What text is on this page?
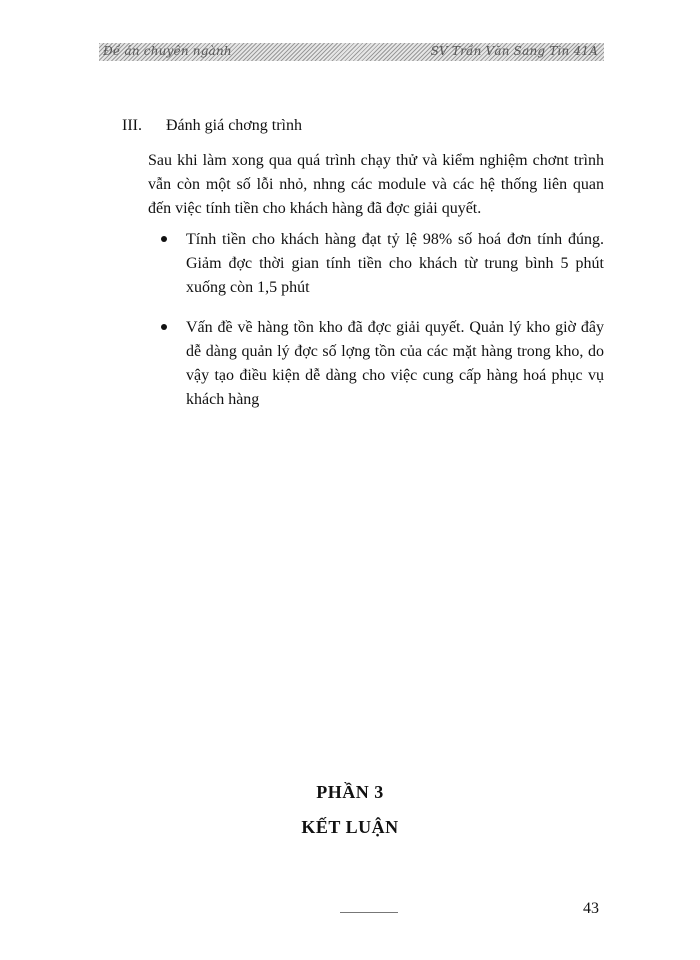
Đề án chuyên ngành	SV Trần Văn Sang Tin 41A
III. Đánh giá chơng trình
Sau khi làm xong qua quá trình chạy thử và kiểm nghiệm chơnt trình vẫn còn một số lỗi nhỏ, nhng các module và các hệ thống liên quan đến việc tính tiền cho khách hàng đã đợc giải quyết.
Tính tiền cho khách hàng đạt tỷ lệ 98% số hoá đơn tính đúng. Giảm đợc thời gian tính tiền cho khách từ trung bình 5 phút xuống còn 1,5 phút
Vấn đề về hàng tồn kho đã đợc giải quyết. Quản lý kho giờ đây dễ dàng quản lý đợc số lợng tồn của các mặt hàng trong kho, do vậy tạo điều kiện dễ dàng cho việc cung cấp hàng hoá phục vụ khách hàng
PHẦN 3
KẾT LUẬN
43
